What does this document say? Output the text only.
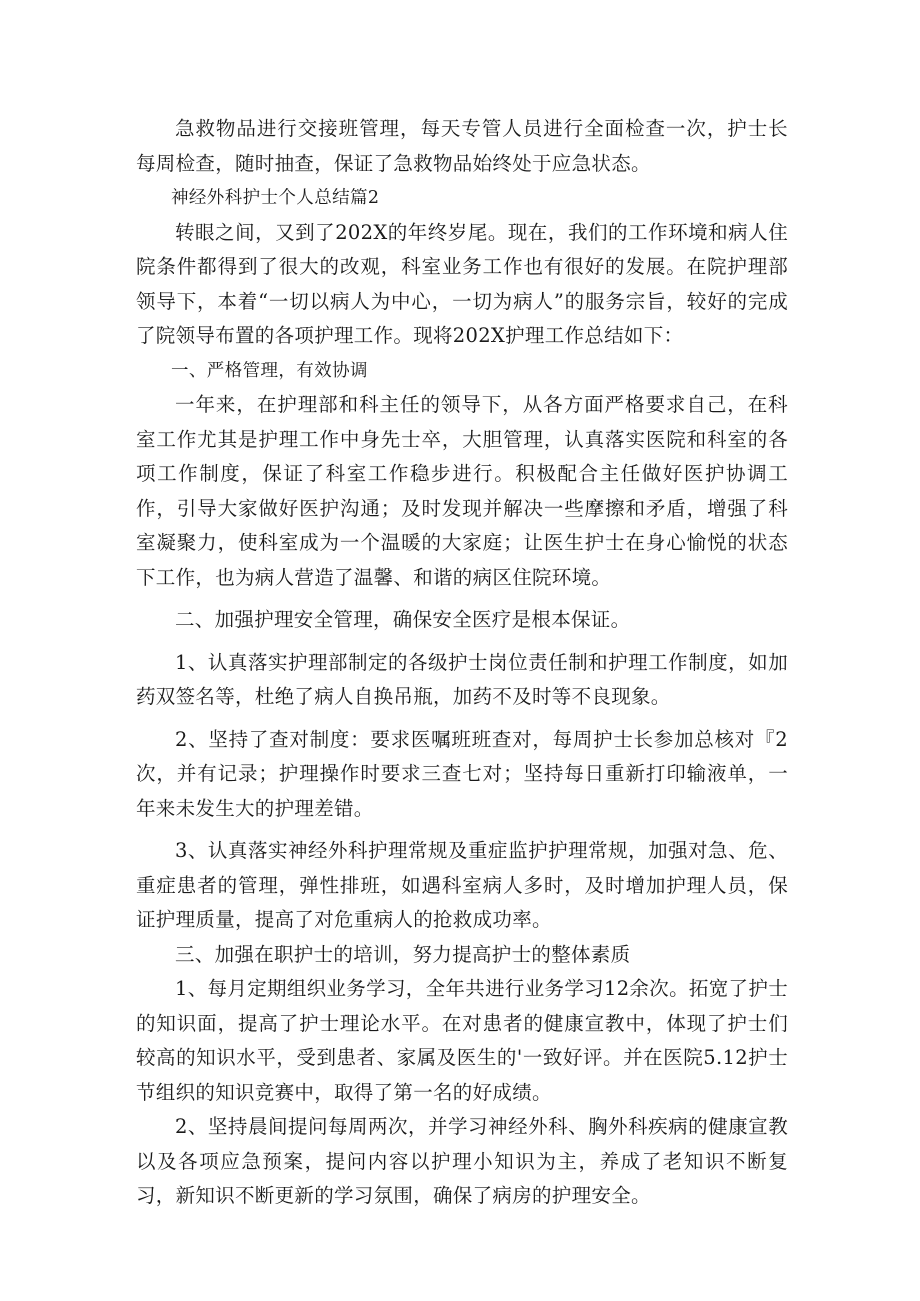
急救物品进行交接班管理，每天专管人员进行全面检查一次，护士长每周检查，随时抽查，保证了急救物品始终处于应急状态。

神经外科护士个人总结篇2

转眼之间，又到了202X的年终岁尾。现在，我们的工作环境和病人住院条件都得到了很大的改观，科室业务工作也有很好的发展。在院护理部领导下，本着“一切以病人为中心，一切为病人”的服务宗旨，较好的完成了院领导布置的各项护理工作。现将202X护理工作总结如下：

一、严格管理，有效协调

一年来，在护理部和科主任的领导下，从各方面严格要求自己，在科室工作尤其是护理工作中身先士卒，大胆管理，认真落实医院和科室的各项工作制度，保证了科室工作稳步进行。积极配合主任做好医护协调工作，引导大家做好医护沟通；及时发现并解决一些摩擦和矛盾，增强了科室凝聚力，使科室成为一个温暖的大家庭；让医生护士在身心愉悦的状态下工作，也为病人营造了温馨、和谐的病区住院环境。

二、加强护理安全管理，确保安全医疗是根本保证。

1、认真落实护理部制定的各级护士岗位责任制和护理工作制度，如加药双签名等，杜绝了病人自换吊瓶，加药不及时等不良现象。

2、坚持了查对制度：要求医嘱班班查对，每周护士长参加总核对『2次，并有记录；护理操作时要求三查七对；坚持每日重新打印输液单，一年来未发生大的护理差错。

3、认真落实神经外科护理常规及重症监护护理常规，加强对急、危、重症患者的管理，弹性排班，如遇科室病人多时，及时增加护理人员，保证护理质量，提高了对危重病人的抢救成功率。

三、加强在职护士的培训，努力提高护士的整体素质

1、每月定期组织业务学习，全年共进行业务学习12余次。拓宽了护士的知识面，提高了护士理论水平。在对患者的健康宣教中，体现了护士们较高的知识水平，受到患者、家属及医生的'一致好评。并在医院5.12护士节组织的知识竞赛中，取得了第一名的好成绩。

2、坚持晨间提问每周两次，并学习神经外科、胸外科疾病的健康宣教以及各项应急预案，提问内容以护理小知识为主，养成了老知识不断复习，新知识不断更新的学习氛围，确保了病房的护理安全。
